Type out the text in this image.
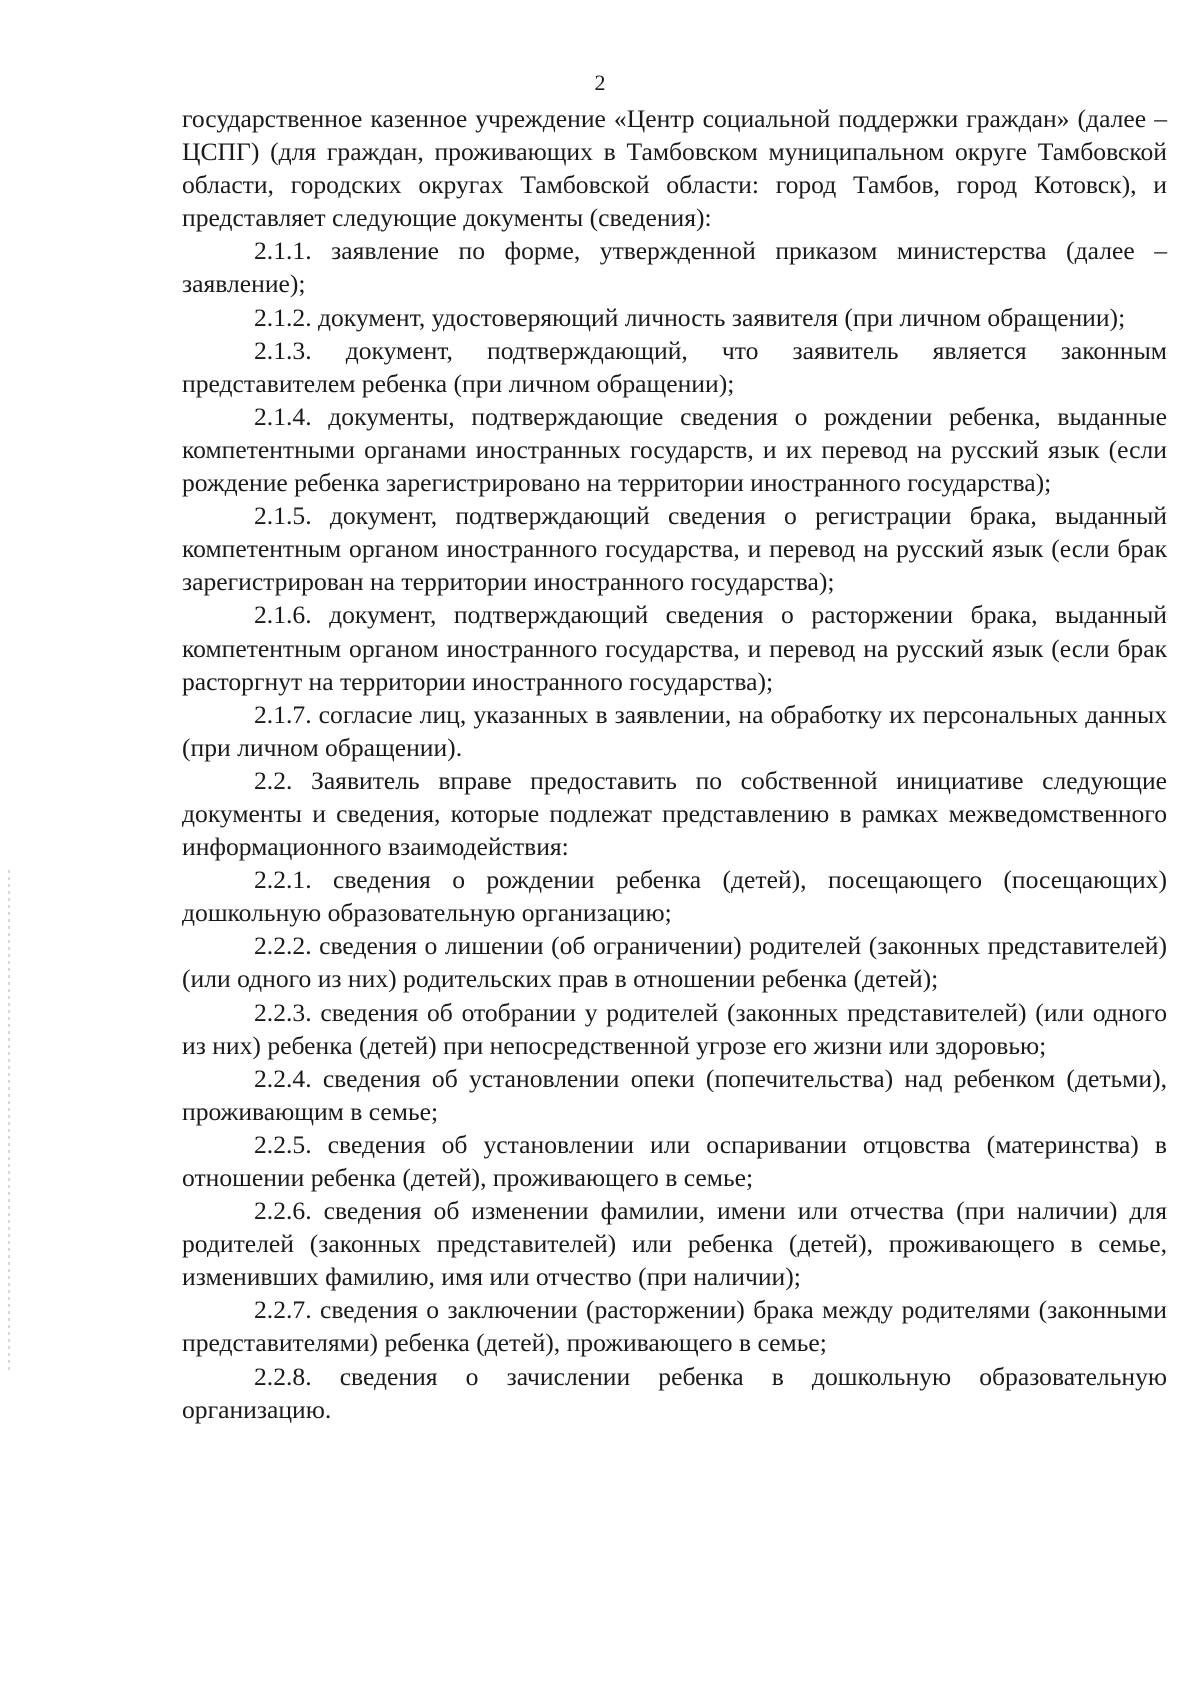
2

государственное казенное учреждение «Центр социальной поддержки граждан» (далее – ЦСПГ) (для граждан, проживающих в Тамбовском муниципальном округе Тамбовской области, городских округах Тамбовской области: город Тамбов, город Котовск), и представляет следующие документы (сведения):

2.1.1. заявление по форме, утвержденной приказом министерства (далее – заявление);

2.1.2. документ, удостоверяющий личность заявителя (при личном обращении);

2.1.3. документ, подтверждающий, что заявитель является законным представителем ребенка (при личном обращении);

2.1.4. документы, подтверждающие сведения о рождении ребенка, выданные компетентными органами иностранных государств, и их перевод на русский язык (если рождение ребенка зарегистрировано на территории иностранного государства);

2.1.5. документ, подтверждающий сведения о регистрации брака, выданный компетентным органом иностранного государства, и перевод на русский язык (если брак зарегистрирован на территории иностранного государства);

2.1.6. документ, подтверждающий сведения о расторжении брака, выданный компетентным органом иностранного государства, и перевод на русский язык (если брак расторгнут на территории иностранного государства);

2.1.7. согласие лиц, указанных в заявлении, на обработку их персональных данных (при личном обращении).

2.2. Заявитель вправе предоставить по собственной инициативе следующие документы и сведения, которые подлежат представлению в рамках межведомственного информационного взаимодействия:

2.2.1. сведения о рождении ребенка (детей), посещающего (посещающих) дошкольную образовательную организацию;

2.2.2. сведения о лишении (об ограничении) родителей (законных представителей) (или одного из них) родительских прав в отношении ребенка (детей);

2.2.3. сведения об отобрании у родителей (законных представителей) (или одного из них) ребенка (детей) при непосредственной угрозе его жизни или здоровью;

2.2.4. сведения об установлении опеки (попечительства) над ребенком (детьми), проживающим в семье;

2.2.5. сведения об установлении или оспаривании отцовства (материнства) в отношении ребенка (детей), проживающего в семье;

2.2.6. сведения об изменении фамилии, имени или отчества (при наличии) для родителей (законных представителей) или ребенка (детей), проживающего в семье, изменивших фамилию, имя или отчество (при наличии);

2.2.7. сведения о заключении (расторжении) брака между родителями (законными представителями) ребенка (детей), проживающего в семье;

2.2.8. сведения о зачислении ребенка в дошкольную образовательную организацию.
